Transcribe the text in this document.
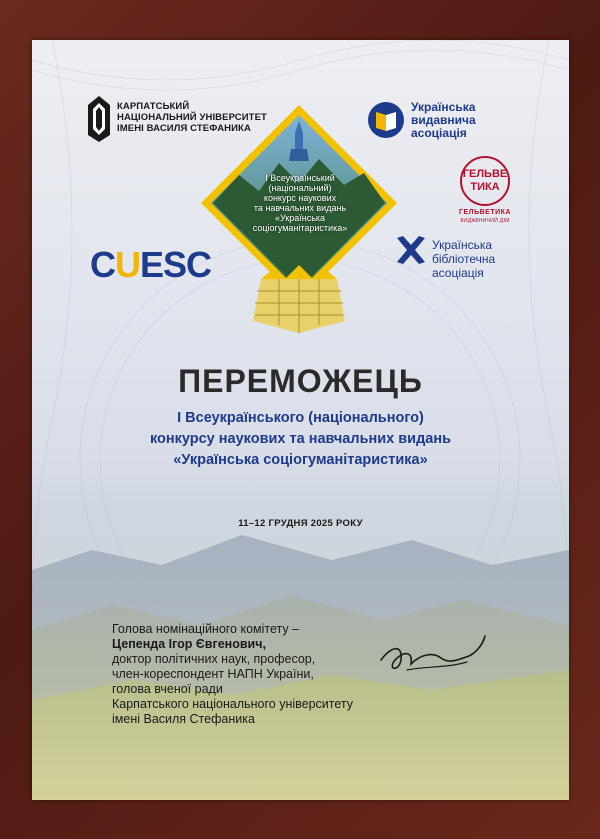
КАРПАТСЬКИЙ
НАЦІОНАЛЬНИЙ УНІВЕРСИТЕТ
ІМЕНІ ВАСИЛЯ СТЕФАНИКА
Українська
видавнича
асоціація
І Всеукраїнський
(національний)
конкурс наукових
та навчальних видань
«Українська
соціогуманітаристика»
ГЕЛЬВЕ
ТИКА
ГЕЛЬВЕТИКА
ВИДАВНИЧИЙ ДІМ
CUESC	Українська
бібліотечна
асоціація
ПЕРЕМОЖЕЦЬ
І Всеукраїнського (національного)
конкурсу наукових та навчальних видань
«Українська соціогуманітаристика»
11–12 ГРУДНЯ 2025 РОКУ
Голова номінаційного комітету –
Цепенда Ігор Євгенович,
доктор політичних наук, професор,
член-кореспондент НАПН України,
голова вченої ради
Карпатського національного університету
імені Василя Стефаника
